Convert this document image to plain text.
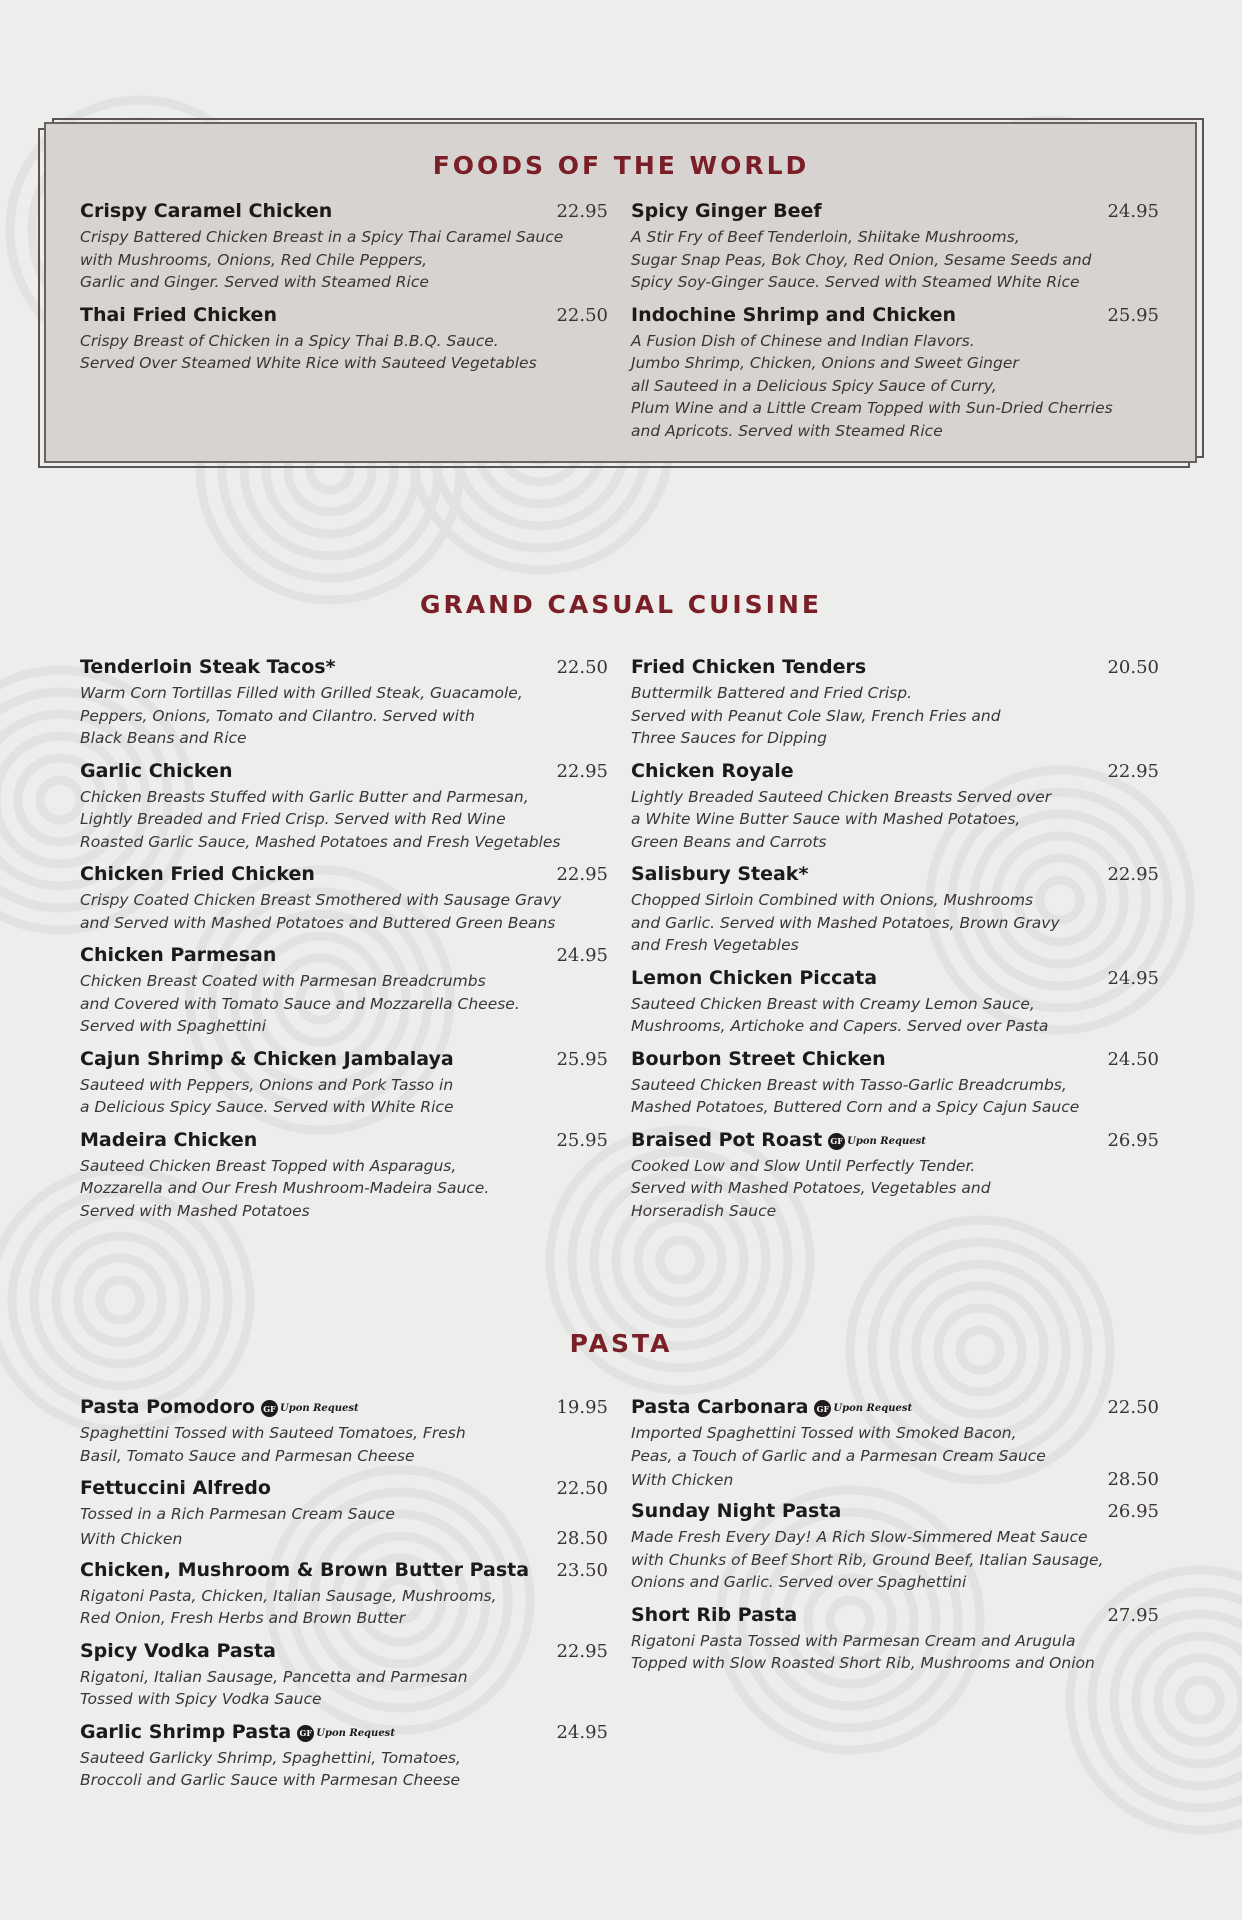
FOODS OF THE WORLD
Crispy Caramel Chicken	22.95
Crispy Battered Chicken Breast in a Spicy Thai Caramel Sauce
with Mushrooms, Onions, Red Chile Peppers,
Garlic and Ginger. Served with Steamed Rice
Thai Fried Chicken	22.50
Crispy Breast of Chicken in a Spicy Thai B.B.Q. Sauce.
Served Over Steamed White Rice with Sauteed Vegetables
Spicy Ginger Beef	24.95
A Stir Fry of Beef Tenderloin, Shiitake Mushrooms,
Sugar Snap Peas, Bok Choy, Red Onion, Sesame Seeds and
Spicy Soy-Ginger Sauce. Served with Steamed White Rice
Indochine Shrimp and Chicken	25.95
A Fusion Dish of Chinese and Indian Flavors.
Jumbo Shrimp, Chicken, Onions and Sweet Ginger
all Sauteed in a Delicious Spicy Sauce of Curry,
Plum Wine and a Little Cream Topped with Sun-Dried Cherries
and Apricots. Served with Steamed Rice
GRAND CASUAL CUISINE
Tenderloin Steak Tacos*	22.50
Warm Corn Tortillas Filled with Grilled Steak, Guacamole,
Peppers, Onions, Tomato and Cilantro. Served with
Black Beans and Rice
Garlic Chicken	22.95
Chicken Breasts Stuffed with Garlic Butter and Parmesan,
Lightly Breaded and Fried Crisp. Served with Red Wine
Roasted Garlic Sauce, Mashed Potatoes and Fresh Vegetables
Chicken Fried Chicken	22.95
Crispy Coated Chicken Breast Smothered with Sausage Gravy
and Served with Mashed Potatoes and Buttered Green Beans
Chicken Parmesan	24.95
Chicken Breast Coated with Parmesan Breadcrumbs
and Covered with Tomato Sauce and Mozzarella Cheese.
Served with Spaghettini
Cajun Shrimp & Chicken Jambalaya	25.95
Sauteed with Peppers, Onions and Pork Tasso in
a Delicious Spicy Sauce. Served with White Rice
Madeira Chicken	25.95
Sauteed Chicken Breast Topped with Asparagus,
Mozzarella and Our Fresh Mushroom-Madeira Sauce.
Served with Mashed Potatoes
Fried Chicken Tenders	20.50
Buttermilk Battered and Fried Crisp.
Served with Peanut Cole Slaw, French Fries and
Three Sauces for Dipping
Chicken Royale	22.95
Lightly Breaded Sauteed Chicken Breasts Served over
a White Wine Butter Sauce with Mashed Potatoes,
Green Beans and Carrots
Salisbury Steak*	22.95
Chopped Sirloin Combined with Onions, Mushrooms
and Garlic. Served with Mashed Potatoes, Brown Gravy
and Fresh Vegetables
Lemon Chicken Piccata	24.95
Sauteed Chicken Breast with Creamy Lemon Sauce,
Mushrooms, Artichoke and Capers. Served over Pasta
Bourbon Street Chicken	24.50
Sauteed Chicken Breast with Tasso-Garlic Breadcrumbs,
Mashed Potatoes, Buttered Corn and a Spicy Cajun Sauce
Braised Pot Roast GF Upon Request	26.95
Cooked Low and Slow Until Perfectly Tender.
Served with Mashed Potatoes, Vegetables and
Horseradish Sauce
PASTA
Pasta Pomodoro GF Upon Request	19.95
Spaghettini Tossed with Sauteed Tomatoes, Fresh
Basil, Tomato Sauce and Parmesan Cheese
Fettuccini Alfredo	22.50
Tossed in a Rich Parmesan Cream Sauce
With Chicken	28.50
Chicken, Mushroom & Brown Butter Pasta 23.50
Rigatoni Pasta, Chicken, Italian Sausage, Mushrooms,
Red Onion, Fresh Herbs and Brown Butter
Spicy Vodka Pasta	22.95
Rigatoni, Italian Sausage, Pancetta and Parmesan
Tossed with Spicy Vodka Sauce
Garlic Shrimp Pasta GF Upon Request	24.95
Sauteed Garlicky Shrimp, Spaghettini, Tomatoes,
Broccoli and Garlic Sauce with Parmesan Cheese
Pasta Carbonara GF Upon Request	22.50
Imported Spaghettini Tossed with Smoked Bacon,
Peas, a Touch of Garlic and a Parmesan Cream Sauce
With Chicken	28.50
Sunday Night Pasta	26.95
Made Fresh Every Day! A Rich Slow-Simmered Meat Sauce
with Chunks of Beef Short Rib, Ground Beef, Italian Sausage,
Onions and Garlic. Served over Spaghettini
Short Rib Pasta	27.95
Rigatoni Pasta Tossed with Parmesan Cream and Arugula
Topped with Slow Roasted Short Rib, Mushrooms and Onion
